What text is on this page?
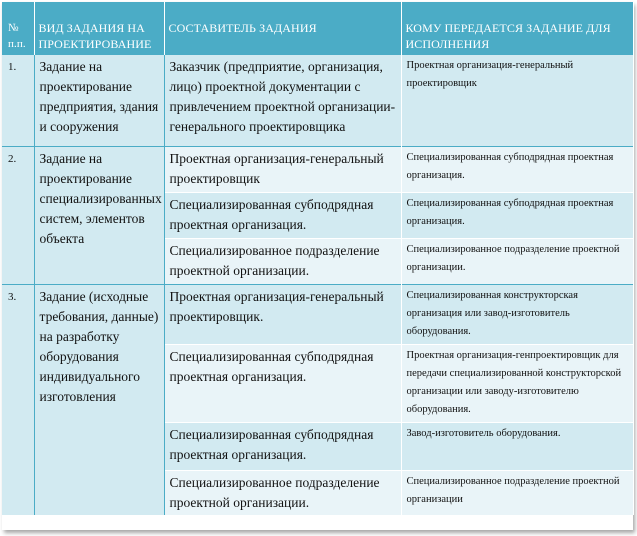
№ п.п.	ВИД ЗАДАНИЯ НА ПРОЕКТИРОВАНИЕ	СОСТАВИТЕЛЬ ЗАДАНИЯ	КОМУ ПЕРЕДАЕТСЯ ЗАДАНИЕ ДЛЯ ИСПОЛНЕНИЯ
1.	Задание на проектирование предприятия, здания и сооружения	Заказчик (предприятие, организация, лицо) проектной документации с привлечением проектной организации-генерального проектировщика	Проектная организация-генеральный проектировщик
2.	Задание на проектирование специализированных систем, элементов объекта	Проектная организация-генеральный проектировщик	Специализированная субподрядная проектная организация.
		Специализированная субподрядная проектная организация.	Специализированная субподрядная проектная организация.
		Специализированное подразделение проектной организации.	Специализированное подразделение проектной организации.
3.	Задание (исходные требования, данные) на разработку оборудования индивидуального изготовления	Проектная организация-генеральный проектировщик.	Специализированная конструкторская организация или завод-изготовитель оборудования.
		Специализированная субподрядная проектная организация.	Проектная организация-генпроектировщик для передачи специализированной конструкторской организации или заводу-изготовителю оборудования.
		Специализированная субподрядная проектная организация.	Завод-изготовитель оборудования.
		Специализированное подразделение проектной организации.	Специализированное подразделение проектной организации
